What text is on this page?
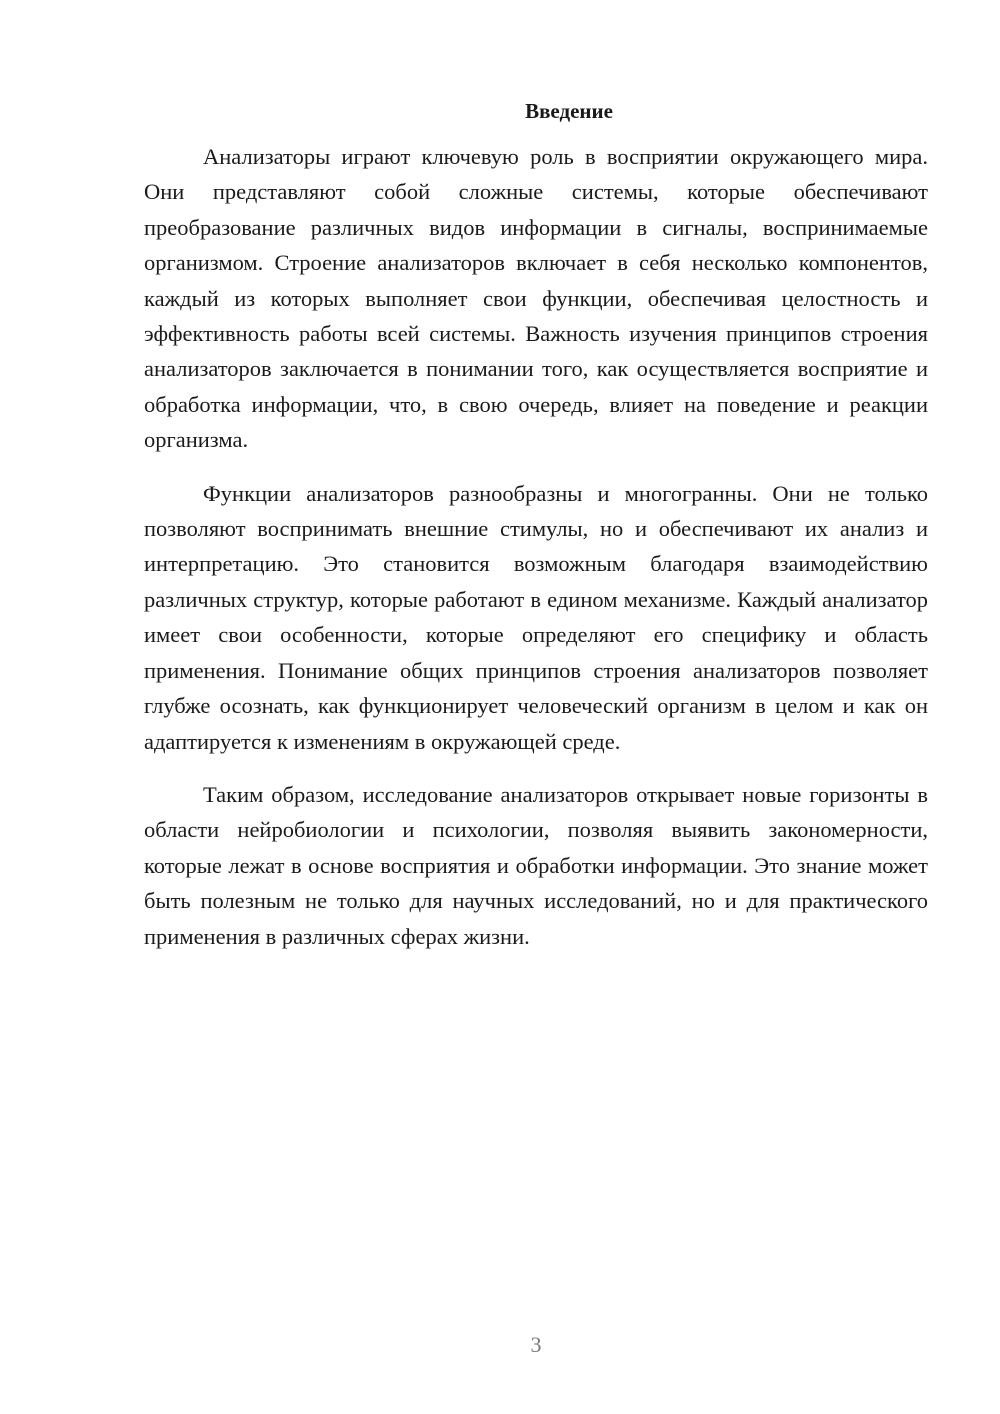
Введение

Анализаторы играют ключевую роль в восприятии окружающего мира. Они представляют собой сложные системы, которые обеспечивают преобразование различных видов информации в сигналы, воспринимаемые организмом. Строение анализаторов включает в себя несколько компонентов, каждый из которых выполняет свои функции, обеспечивая целостность и эффективность работы всей системы. Важность изучения принципов строения анализаторов заключается в понимании того, как осуществляется восприятие и обработка информации, что, в свою очередь, влияет на поведение и реакции организма.

Функции анализаторов разнообразны и многогранны. Они не только позволяют воспринимать внешние стимулы, но и обеспечивают их анализ и интерпретацию. Это становится возможным благодаря взаимодействию различных структур, которые работают в едином механизме. Каждый анализатор имеет свои особенности, которые определяют его специфику и область применения. Понимание общих принципов строения анализаторов позволяет глубже осознать, как функционирует человеческий организм в целом и как он адаптируется к изменениям в окружающей среде.

Таким образом, исследование анализаторов открывает новые горизонты в области нейробиологии и психологии, позволяя выявить закономерности, которые лежат в основе восприятия и обработки информации. Это знание может быть полезным не только для научных исследований, но и для практического применения в различных сферах жизни.

3
